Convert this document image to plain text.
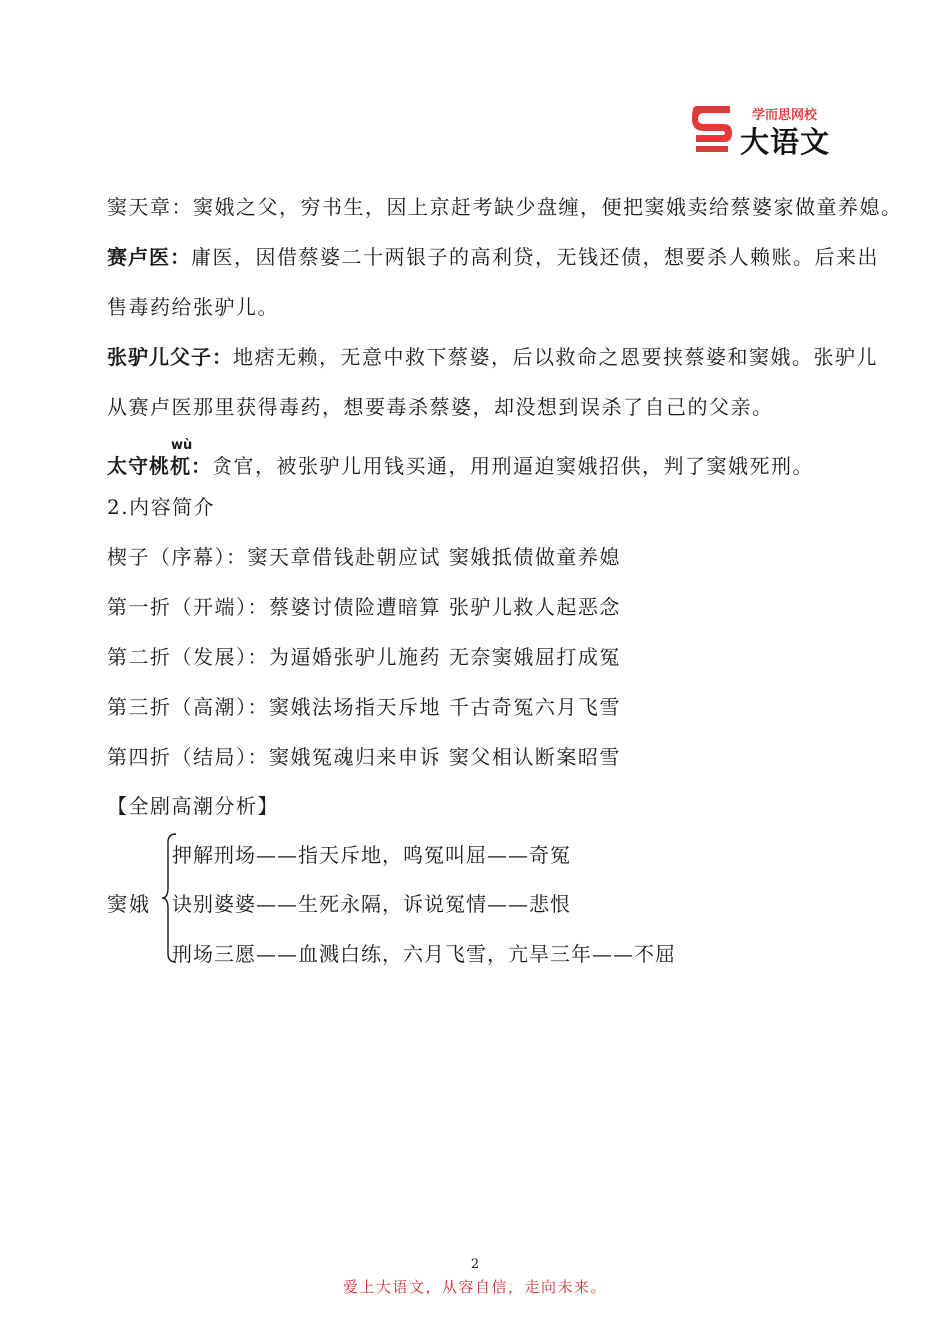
学而思网校
大语文
窦天章：窦娥之父，穷书生，因上京赶考缺少盘缠，便把窦娥卖给蔡婆家做童养媳。
赛卢医：庸医，因借蔡婆二十两银子的高利贷，无钱还债，想要杀人赖账。后来出
售毒药给张驴儿。
张驴儿父子：地痞无赖，无意中救下蔡婆，后以救命之恩要挟蔡婆和窦娥。张驴儿
从赛卢医那里获得毒药，想要毒杀蔡婆，却没想到误杀了自己的父亲。
wù
太守桃杌：贪官，被张驴儿用钱买通，用刑逼迫窦娥招供，判了窦娥死刑。
2.内容简介
楔子（序幕）：窦天章借钱赴朝应试 窦娥抵债做童养媳
第一折（开端）：蔡婆讨债险遭暗算 张驴儿救人起恶念
第二折（发展）：为逼婚张驴儿施药 无奈窦娥屈打成冤
第三折（高潮）：窦娥法场指天斥地 千古奇冤六月飞雪
第四折（结局）：窦娥冤魂归来申诉 窦父相认断案昭雪
【全剧高潮分析】
窦娥
押解刑场——指天斥地，鸣冤叫屈——奇冤
诀别婆婆——生死永隔，诉说冤情——悲恨
刑场三愿——血溅白练，六月飞雪，亢旱三年——不屈
2
爱上大语文，从容自信，走向未来。
